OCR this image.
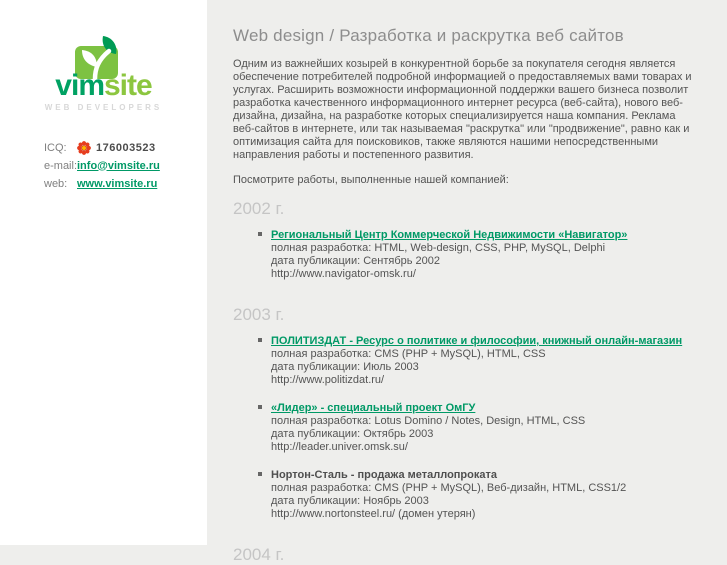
vimsite
WEB DEVELOPERS
ICQ:	176003523
e-mail: info@vimsite.ru
web: www.vimsite.ru
Web design / Разработка и раскрутка веб сайтов

Одним из важнейших козырей в конкурентной борьбе за покупателя сегодня является обеспечение потребителей подробной информацией о предоставляемых вами товарах и услугах. Расширить возможности информационной поддержки вашего бизнеса позволит разработка качественного информационного интернет ресурса (веб-сайта), нового веб-дизайна, дизайна, на разработке которых специализируется наша компания. Реклама веб-сайтов в интернете, или так называемая "раскрутка" или "продвижение", равно как и оптимизация сайта для поисковиков, также являются нашими непосредственными направления работы и постепенного развития.

Посмотрите работы, выполненные нашей компанией:

2002 г.
Региональный Центр Коммерческой Недвижимости «Навигатор»
полная разработка: HTML, Web-design, CSS, PHP, MySQL, Delphi
дата публикации: Сентябрь 2002
http://www.navigator-omsk.ru/
2003 г.
ПОЛИТИЗДАТ - Ресурс о политике и философии, книжный онлайн-магазин
полная разработка: CMS (PHP + MySQL), HTML, CSS
дата публикации: Июль 2003
http://www.politizdat.ru/
«Лидер» - специальный проект ОмГУ
полная разработка: Lotus Domino / Notes, Design, HTML, CSS
дата публикации: Октябрь 2003
http://leader.univer.omsk.su/
Нортон-Сталь - продажа металлопроката
полная разработка: CMS (PHP + MySQL), Веб-дизайн, HTML, CSS1/2
дата публикации: Ноябрь 2003
http://www.nortonsteel.ru/ (домен утерян)
2004 г.
